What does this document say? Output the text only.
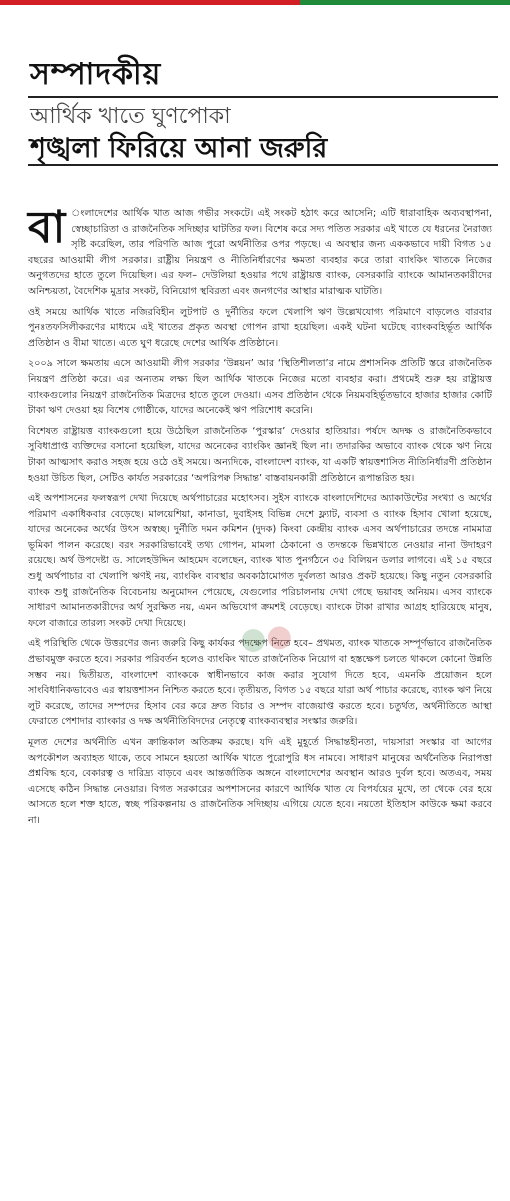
সম্পাদকীয়
আর্থিক খাতে ঘুণপোকা
শৃঙ্খলা ফিরিয়ে আনা জরুরি

বা ংলাদেশের আর্থিক খাত আজ গভীর সংকটে। এই সংকট হঠাৎ করে আসেনি; এটি ধারাবাহিক অব্যবস্থাপনা, স্বেচ্ছাচারিতা ও রাজনৈতিক সদিচ্ছার ঘাটতির ফল। বিশেষ করে সদ্য পতিত সরকার এই খাতে যে ধরনের নৈরাজ্য সৃষ্টি করেছিল, তার পরিণতি আজ পুরো অর্থনীতির ওপর পড়ছে। এ অবস্থার জন্য এককভাবে দায়ী বিগত ১৫ বছরের আওয়ামী লীগ সরকার। রাষ্ট্রীয় নিয়ন্ত্রণ ও নীতিনির্ধারণের ক্ষমতা ব্যবহার করে তারা ব্যাংকিং খাতকে নিজের অনুগতদের হাতে তুলে দিয়েছিল। এর ফল– দেউলিয়া হওয়ার পথে রাষ্ট্রায়ত্ত ব্যাংক, বেসরকারি ব্যাংকে আমানতকারীদের অনিশ্চয়তা, বৈদেশিক মুদ্রার সংকট, বিনিয়োগ স্থবিরতা এবং জনগণের আস্থার মারাত্মক ঘাটতি।

ওই সময়ে আর্থিক খাতে নজিরবিহীন লুটপাট ও দুর্নীতির ফলে খেলাপি ঋণ উল্লেখযোগ্য পরিমাণে বাড়লেও বারবার পুনঃতফসিলীকরণের মাধ্যমে এই খাতের প্রকৃত অবস্থা গোপন রাখা হয়েছিল। একই ঘটনা ঘটেছে ব্যাংকবহির্ভূত আর্থিক প্রতিষ্ঠান ও বীমা খাতে। এতে ঘুণ ধরেছে দেশের আর্থিক প্রতিষ্ঠানে।

২০০৯ সালে ক্ষমতায় এসে আওয়ামী লীগ সরকার ‘উন্নয়ন’ আর ‘স্থিতিশীলতা’র নামে প্রশাসনিক প্রতিটি স্তরে রাজনৈতিক নিয়ন্ত্রণ প্রতিষ্ঠা করে। এর অন্যতম লক্ষ্য ছিল আর্থিক খাতকে নিজের মতো ব্যবহার করা। প্রথমেই শুরু হয় রাষ্ট্রায়ত্ত ব্যাংকগুলোর নিয়ন্ত্রণ রাজনৈতিক মিত্রদের হাতে তুলে দেওয়া। এসব প্রতিষ্ঠান থেকে নিয়মবহির্ভূতভাবে হাজার হাজার কোটি টাকা ঋণ দেওয়া হয় বিশেষ গোষ্ঠীকে, যাদের অনেকেই ঋণ পরিশোধ করেনি।

বিশেষত রাষ্ট্রায়ত্ত ব্যাংকগুলো হয়ে উঠেছিল রাজনৈতিক ‘পুরস্কার’ দেওয়ার হাতিয়ার। পর্ষদে অদক্ষ ও রাজনৈতিকভাবে সুবিধাপ্রাপ্ত ব্যক্তিদের বসানো হয়েছিল, যাদের অনেকের ব্যাংকিং জ্ঞানই ছিল না। তদারকির অভাবে ব্যাংক থেকে ঋণ নিয়ে টাকা আত্মসাৎ করাও সহজ হয়ে ওঠে ওই সময়ে। অন্যদিকে, বাংলাদেশ ব্যাংক, যা একটি স্বায়ত্তশাসিত নীতিনির্ধারণী প্রতিষ্ঠান হওয়া উচিত ছিল, সেটিও কার্যত সরকারের ‘অপরিপক্ব সিদ্ধান্ত’ বাস্তবায়নকারী প্রতিষ্ঠানে রূপান্তরিত হয়।

এই অপশাসনের ফলস্বরূপ দেখা দিয়েছে অর্থপাচারের মহোৎসব। সুইস ব্যাংকে বাংলাদেশিদের অ্যাকাউন্টের সংখ্যা ও অর্থের পরিমাণ একাধিকবার বেড়েছে। মালয়েশিয়া, কানাডা, দুবাইসহ বিভিন্ন দেশে ফ্ল্যাট, ব্যবসা ও ব্যাংক হিসাব খোলা হয়েছে, যাদের অনেকের অর্থের উৎস অস্বচ্ছ। দুর্নীতি দমন কমিশন (দুদক) কিংবা কেন্দ্রীয় ব্যাংক এসব অর্থপাচারের তদন্তে নামমাত্র ভূমিকা পালন করেছে। বরং সরকারিভাবেই তথ্য গোপন, মামলা ঠেকানো ও তদন্তকে ভিন্নখাতে নেওয়ার নানা উদাহরণ রয়েছে। অর্থ উপদেষ্টা ড. সালেহউদ্দিন আহমেদ বলেছেন, ব্যাংক খাত পুনর্গঠনে ৩৫ বিলিয়ন ডলার লাগবে। এই ১৫ বছরে শুধু অর্থপাচার বা খেলাপি ঋণই নয়, ব্যাংকিং ব্যবস্থার অবকাঠামোগত দুর্বলতা আরও প্রকট হয়েছে। কিছু নতুন বেসরকারি ব্যাংক শুধু রাজনৈতিক বিবেচনায় অনুমোদন পেয়েছে, যেগুলোর পরিচালনায় দেখা গেছে ভয়াবহ অনিয়ম। এসব ব্যাংকে সাধারণ আমানতকারীদের অর্থ সুরক্ষিত নয়, এমন অভিযোগ ক্রমশই বেড়েছে। ব্যাংকে টাকা রাখার আগ্রহ হারিয়েছে মানুষ, ফলে বাজারে তারল্য সংকট দেখা দিয়েছে।

এই পরিস্থিতি থেকে উত্তরণের জন্য জরুরি কিছু কার্যকর পদক্ষেপ নিতে হবে– প্রথমত, ব্যাংক খাতকে সম্পূর্ণভাবে রাজনৈতিক প্রভাবমুক্ত করতে হবে। সরকার পরিবর্তন হলেও ব্যাংকিং খাতে রাজনৈতিক নিয়োগ বা হস্তক্ষেপ চলতে থাকলে কোনো উন্নতি সম্ভব নয়। দ্বিতীয়ত, বাংলাদেশ ব্যাংককে স্বাধীনভাবে কাজ করার সুযোগ দিতে হবে, এমনকি প্রয়োজন হলে সাংবিধানিকভাবেও এর স্বায়ত্তশাসন নিশ্চিত করতে হবে। তৃতীয়ত, বিগত ১৫ বছরে যারা অর্থ পাচার করেছে, ব্যাংক ঋণ নিয়ে লুট করেছে, তাদের সম্পদের হিসাব বের করে দ্রুত বিচার ও সম্পদ বাজেয়াপ্ত করতে হবে। চতুর্থত, অর্থনীতিতে আস্থা ফেরাতে পেশাদার ব্যাংকার ও দক্ষ অর্থনীতিবিদদের নেতৃত্বে ব্যাংকব্যবস্থার সংস্কার জরুরি।

মূলত দেশের অর্থনীতি এখন ক্রান্তিকাল অতিক্রম করছে। যদি এই মুহূর্তে সিদ্ধান্তহীনতা, দায়সারা সংস্কার বা আগের অপকৌশল অব্যাহত থাকে, তবে সামনে হয়তো আর্থিক খাতে পুরোপুরি ধস নামবে। সাধারণ মানুষের অর্থনৈতিক নিরাপত্তা প্রশ্নবিদ্ধ হবে, বেকারত্ব ও দারিদ্র্য বাড়বে এবং আন্তর্জাতিক অঙ্গনে বাংলাদেশের অবস্থান আরও দুর্বল হবে। অতএব, সময় এসেছে কঠিন সিদ্ধান্ত নেওয়ার। বিগত সরকারের অপশাসনের কারণে আর্থিক খাত যে বিপর্যয়ের মুখে, তা থেকে বের হয়ে আসতে হলে শক্ত হাতে, স্বচ্ছ পরিকল্পনায় ও রাজনৈতিক সদিচ্ছায় এগিয়ে যেতে হবে। নয়তো ইতিহাস কাউকে ক্ষমা করবে না।

●●
